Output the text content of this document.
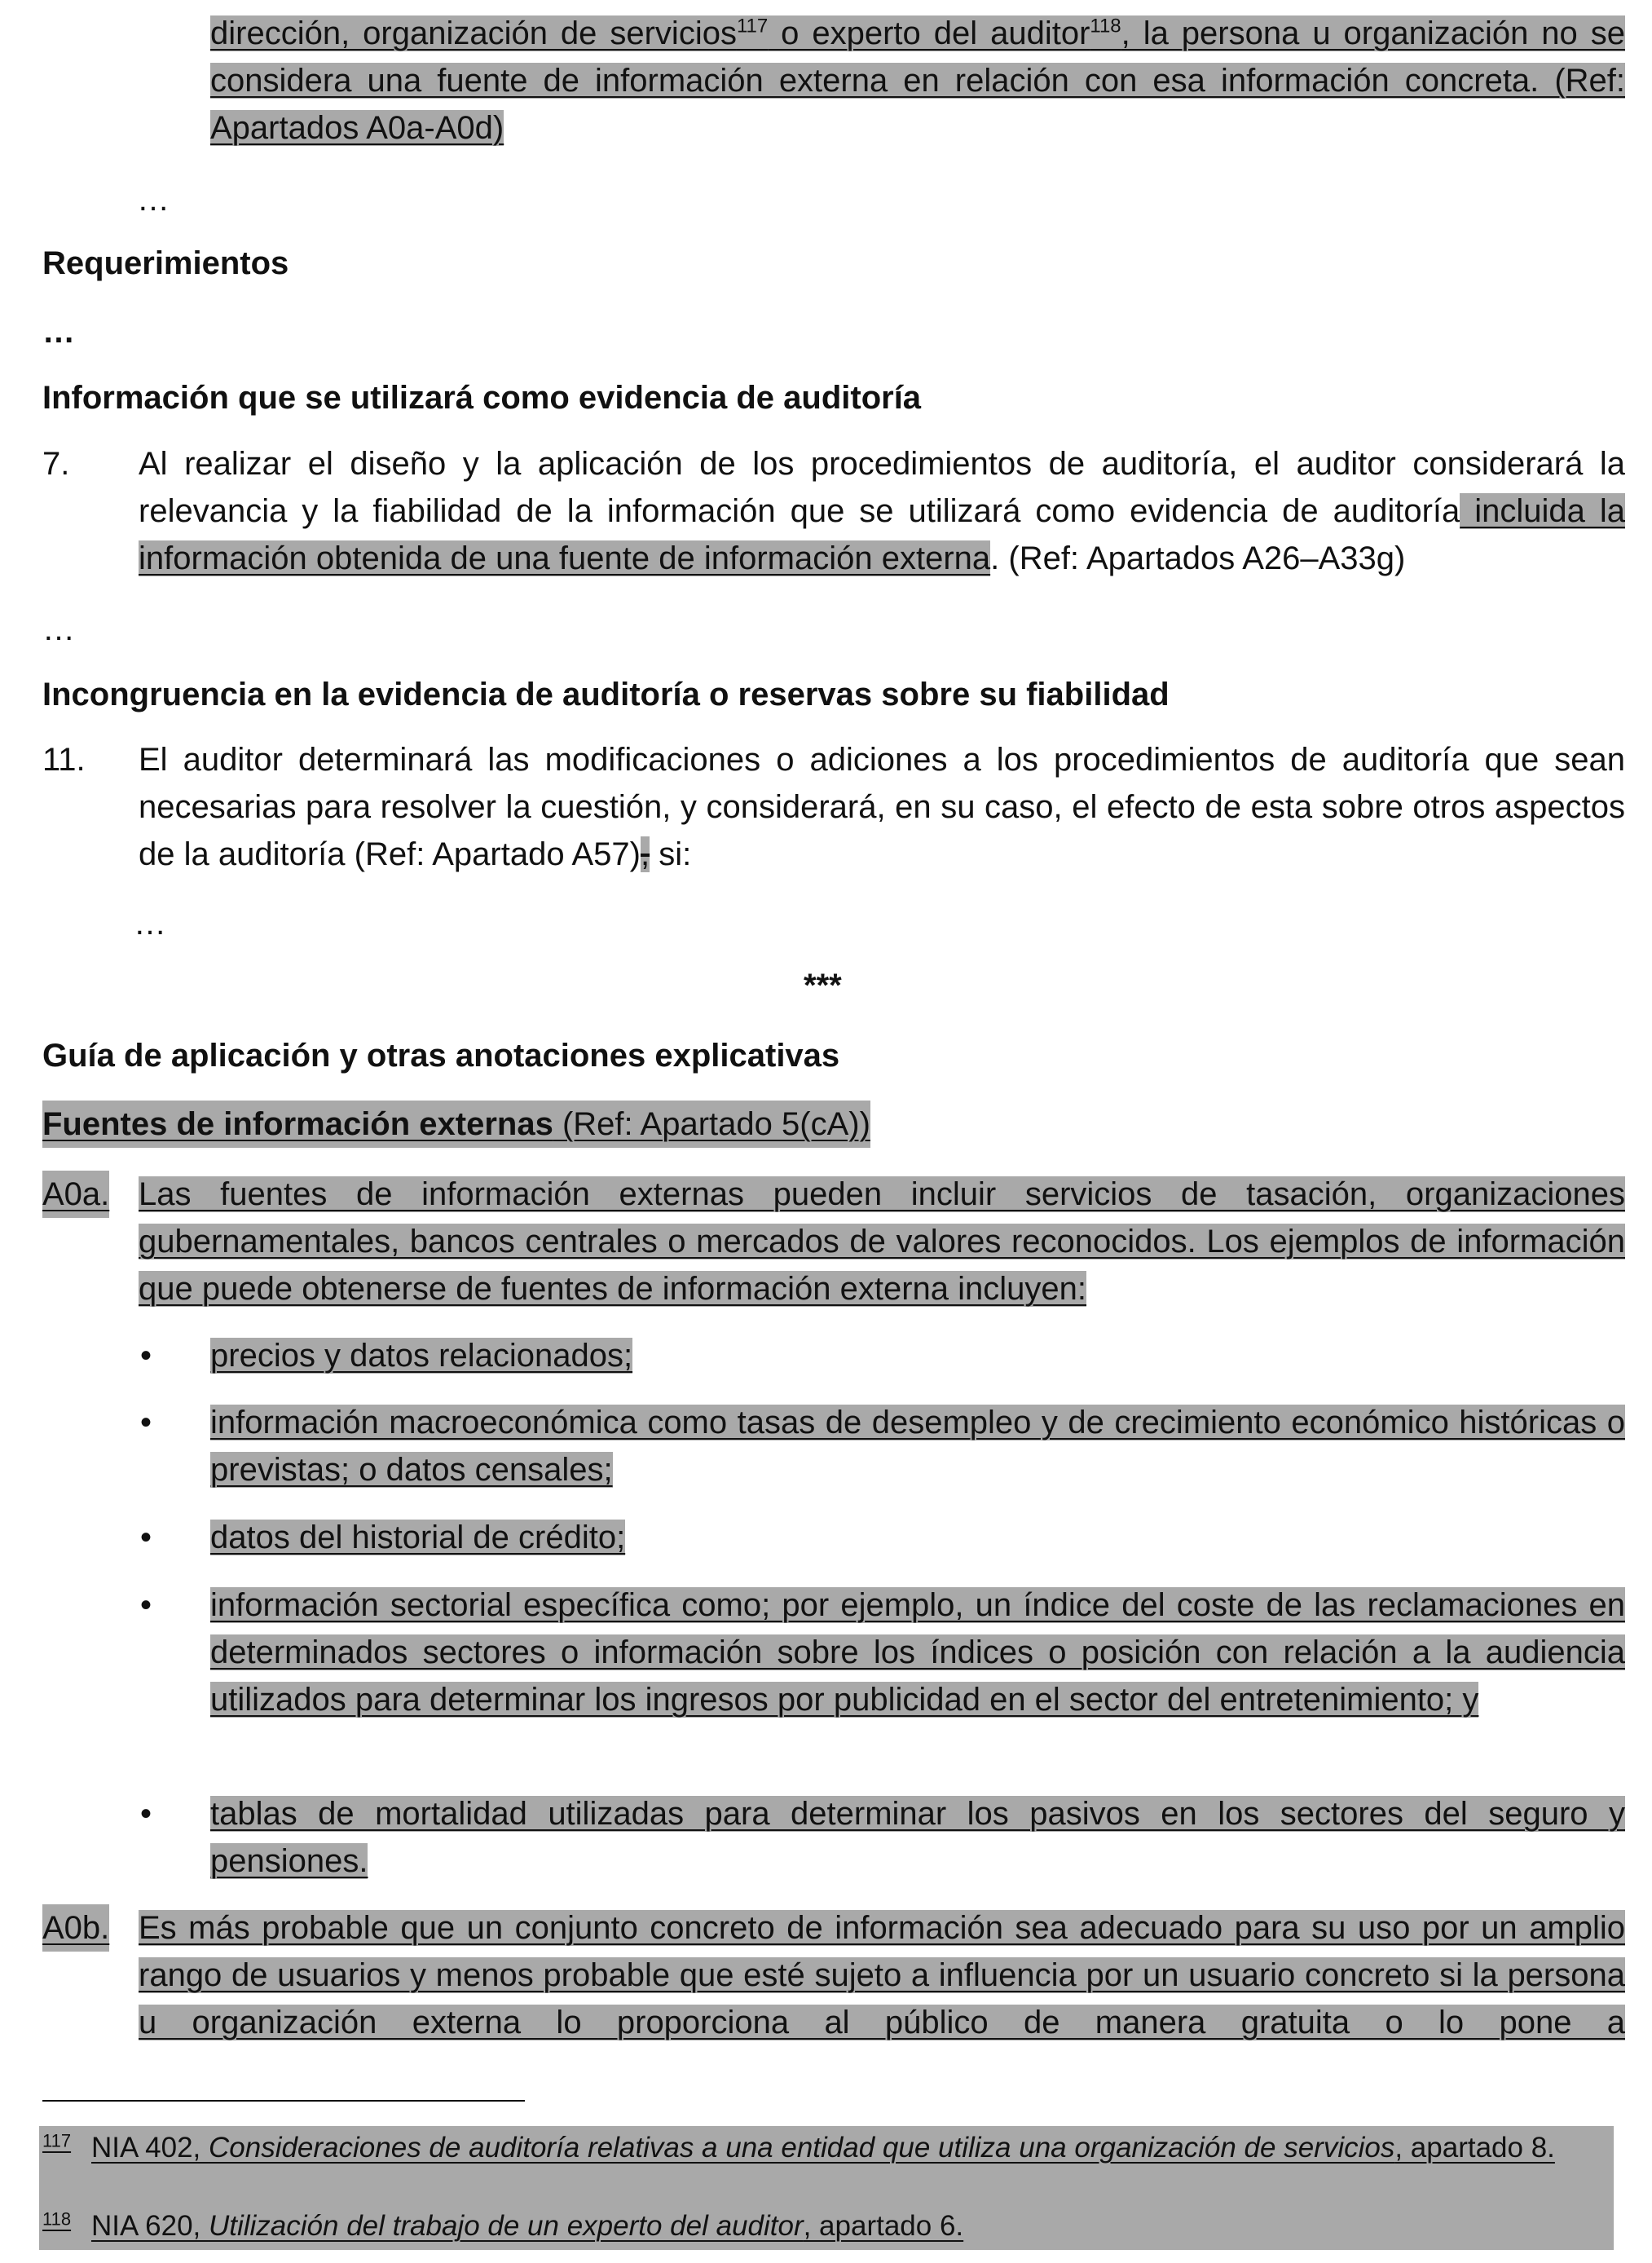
dirección, organización de servicios$^{117}$ o experto del auditor$^{118}$, la persona u organización no se considera una fuente de información externa en relación con esa información concreta. (Ref: Apartados A0a-A0d)
…
Requerimientos
…
Información que se utilizará como evidencia de auditoría
7. Al realizar el diseño y la aplicación de los procedimientos de auditoría, el auditor considerará la relevancia y la fiabilidad de la información que se utilizará como evidencia de auditoría incluida la información obtenida de una fuente de información externa. (Ref: Apartados A26–A33g)
…
Incongruencia en la evidencia de auditoría o reservas sobre su fiabilidad
11. El auditor determinará las modificaciones o adiciones a los procedimientos de auditoría que sean necesarias para resolver la cuestión, y considerará, en su caso, el efecto de esta sobre otros aspectos de la auditoría (Ref: Apartado A57), si:
…
***
Guía de aplicación y otras anotaciones explicativas
Fuentes de información externas (Ref: Apartado 5(cA))
A0a. Las fuentes de información externas pueden incluir servicios de tasación, organizaciones gubernamentales, bancos centrales o mercados de valores reconocidos. Los ejemplos de información que puede obtenerse de fuentes de información externa incluyen:
• precios y datos relacionados;
• información macroeconómica como tasas de desempleo y de crecimiento económico históricas o previstas; o datos censales;
• datos del historial de crédito;
• información sectorial específica como; por ejemplo, un índice del coste de las reclamaciones en determinados sectores o información sobre los índices o posición con relación a la audiencia utilizados para determinar los ingresos por publicidad en el sector del entretenimiento; y
• tablas de mortalidad utilizadas para determinar los pasivos en los sectores del seguro y pensiones.
A0b. Es más probable que un conjunto concreto de información sea adecuado para su uso por un amplio rango de usuarios y menos probable que esté sujeto a influencia por un usuario concreto si la persona u organización externa lo proporciona al público de manera gratuita o lo pone a
$^{117}$ NIA 402, Consideraciones de auditoría relativas a una entidad que utiliza una organización de servicios, apartado 8.
$^{118}$ NIA 620, Utilización del trabajo de un experto del auditor, apartado 6.
